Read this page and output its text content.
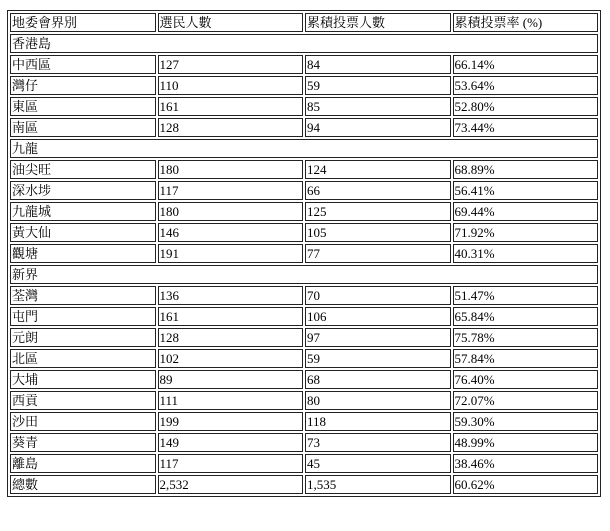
地委會界別	選民人數	累積投票人數	累積投票率 (%)
香港島			
中西區	127	84	66.14%
灣仔	110	59	53.64%
東區	161	85	52.80%
南區	128	94	73.44%
九龍			
油尖旺	180	124	68.89%
深水埗	117	66	56.41%
九龍城	180	125	69.44%
黃大仙	146	105	71.92%
觀塘	191	77	40.31%
新界			
荃灣	136	70	51.47%
屯門	161	106	65.84%
元朗	128	97	75.78%
北區	102	59	57.84%
大埔	89	68	76.40%
西貢	111	80	72.07%
沙田	199	118	59.30%
葵青	149	73	48.99%
離島	117	45	38.46%
總數	2,532	1,535	60.62%
